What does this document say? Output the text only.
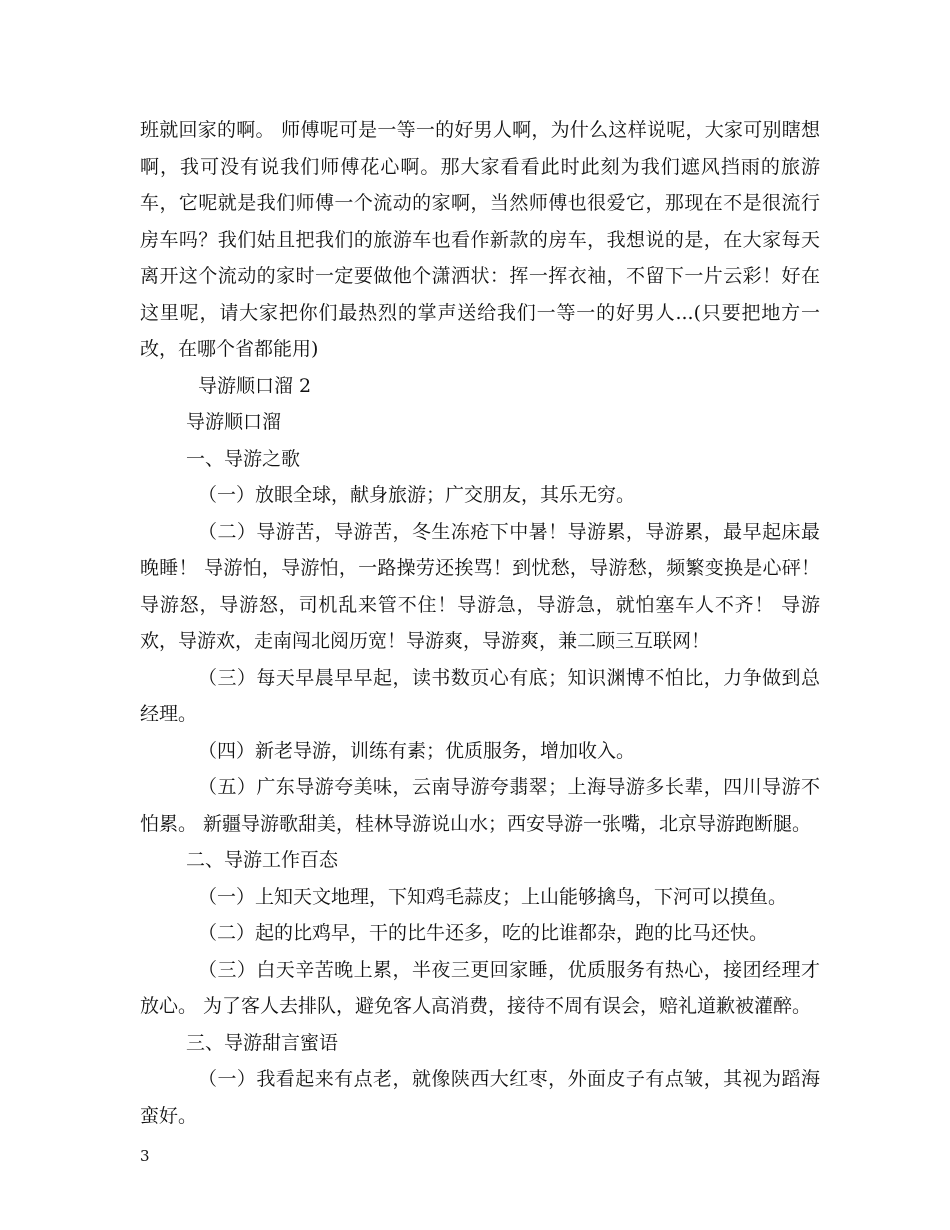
班就回家的啊。 师傅呢可是一等一的好男人啊，为什么这样说呢，大家可别瞎想啊，我可没有说我们师傅花心啊。那大家看看此时此刻为我们遮风挡雨的旅游车，它呢就是我们师傅一个流动的家啊，当然师傅也很爱它，那现在不是很流行房车吗？我们姑且把我们的旅游车也看作新款的房车，我想说的是，在大家每天离开这个流动的家时一定要做他个潇洒状：挥一挥衣袖，不留下一片云彩！好在这里呢，请大家把你们最热烈的掌声送给我们一等一的好男人...(只要把地方一改，在哪个省都能用)

导游顺口溜 2

导游顺口溜

一、导游之歌

（一）放眼全球，献身旅游；广交朋友，其乐无穷。

（二）导游苦，导游苦，冬生冻疮下中暑！导游累，导游累，最早起床最晚睡！ 导游怕，导游怕，一路操劳还挨骂！到忧愁，导游愁，频繁变换是心砰！ 导游怒，导游怒，司机乱来管不住！导游急，导游急，就怕塞车人不齐！ 导游欢，导游欢，走南闯北阅历宽！导游爽，导游爽，兼二顾三互联网！

（三）每天早晨早早起，读书数页心有底；知识渊博不怕比，力争做到总经理。

（四）新老导游，训练有素；优质服务，增加收入。

（五）广东导游夸美味，云南导游夸翡翠；上海导游多长辈，四川导游不怕累。 新疆导游歌甜美，桂林导游说山水；西安导游一张嘴，北京导游跑断腿。

二、导游工作百态

（一）上知天文地理，下知鸡毛蒜皮；上山能够擒鸟，下河可以摸鱼。

（二）起的比鸡早，干的比牛还多，吃的比谁都杂，跑的比马还快。

（三）白天辛苦晚上累，半夜三更回家睡，优质服务有热心，接团经理才放心。 为了客人去排队，避免客人高消费，接待不周有误会，赔礼道歉被灌醉。

三、导游甜言蜜语

（一）我看起来有点老，就像陕西大红枣，外面皮子有点皱，其视为蹈海蛮好。

3
